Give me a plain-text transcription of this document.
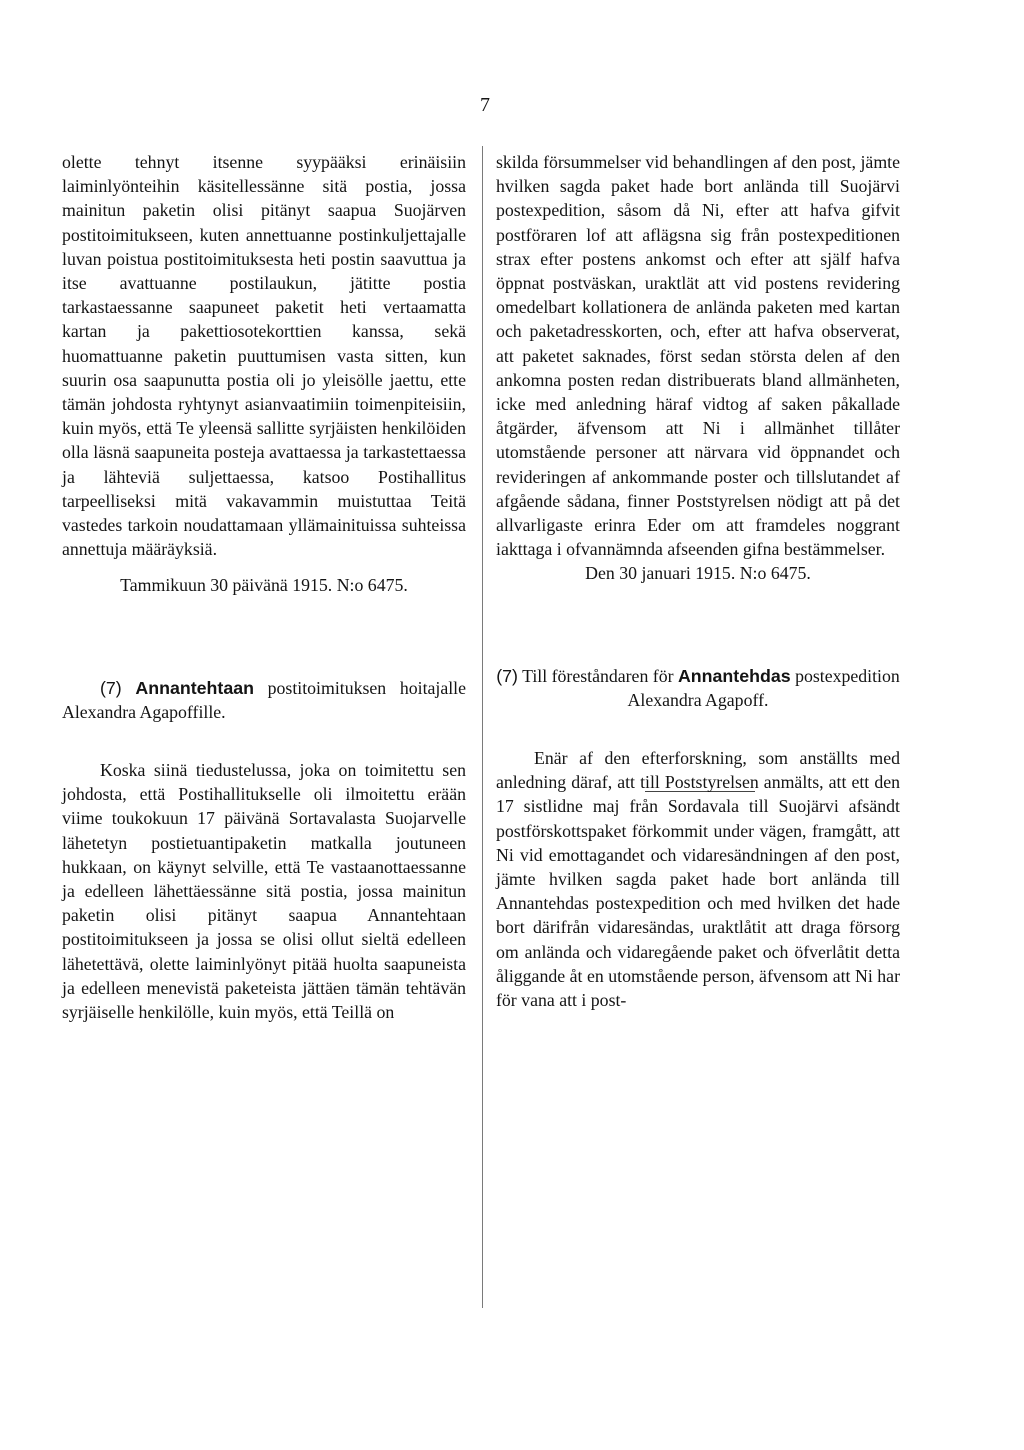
7

olette tehnyt itsenne syypääksi erinäisiin laiminlyönteihin käsitellessänne sitä postia, jossa mainitun paketin olisi pitänyt saapua Suojärven postitoimitukseen, kuten annettuanne postinkuljettajalle luvan poistua postitoimituksesta heti postin saavuttua ja itse avattuanne postilaukun, jätitte postia tarkastaessanne saapuneet paketit heti vertaamatta kartan ja pakettiosotekorttien kanssa, sekä huomattuanne paketin puuttumisen vasta sitten, kun suurin osa saapunutta postia oli jo yleisölle jaettu, ette tämän johdosta ryhtynyt asianvaatimiin toimenpiteisiin, kuin myös, että Te yleensä sallitte syrjäisten henkilöiden olla läsnä saapuneita posteja avattaessa ja tarkastettaessa ja lähteviä suljettaessa, katsoo Postihallitus tarpeelliseksi mitä vakavammin muistuttaa Teitä vastedes tarkoin noudattamaan yllämainituissa suhteissa annettuja määräyksiä.

Tammikuun 30 päivänä 1915. N:o 6475.

(7) Annantehtaan postitoimituksen hoitajalle Alexandra Agapoffille.

Koska siinä tiedustelussa, joka on toimitettu sen johdosta, että Postihallitukselle oli ilmoitettu erään viime toukokuun 17 päivänä Sortavalasta Suojarvelle lähetetyn postietuantipaketin matkalla joutuneen hukkaan, on käynyt selville, että Te vastaanottaessanne ja edelleen lähettäessänne sitä postia, jossa mainitun paketin olisi pitänyt saapua Annantehtaan postitoimitukseen ja jossa se olisi ollut sieltä edelleen lähetettävä, olette laiminlyönyt pitää huolta saapuneista ja edelleen menevistä paketeista jättäen tämän tehtävän syrjäiselle henkilölle, kuin myös, että Teillä on

skilda försummelser vid behandlingen af den post, jämte hvilken sagda paket hade bort anlända till Suojärvi postexpedition, såsom då Ni, efter att hafva gifvit postföraren lof att aflägsna sig från postexpeditionen strax efter postens ankomst och efter att själf hafva öppnat postväskan, uraktlät att vid postens revidering omedelbart kollationera de anlända paketen med kartan och paketadresskorten, och, efter att hafva observerat, att paketet saknades, först sedan största delen af den ankomna posten redan distribuerats bland allmänheten, icke med anledning häraf vidtog af saken påkallade åtgärder, äfvensom att Ni i allmänhet tillåter utomstående personer att närvara vid öppnandet och revideringen af ankommande poster och tillslutandet af afgående sådana, finner Poststyrelsen nödigt att på det allvarligaste erinra Eder om att framdeles noggrant iakttaga i ofvannämnda afseenden gifna bestämmelser.

Den 30 januari 1915. N:o 6475.

(7) Till föreståndaren för Annantehdas postexpedition Alexandra Agapoff.

Enär af den efterforskning, som anställts med anledning däraf, att till Poststyrelsen anmälts, att ett den 17 sistlidne maj från Sordavala till Suojärvi afsändt postförskottspaket förkommit under vägen, framgått, att Ni vid emottagandet och vidaresändningen af den post, jämte hvilken sagda paket hade bort anlända till Annantehdas postexpedition och med hvilken det hade bort därifrån vidaresändas, uraktlåtit att draga försorg om anlända och vidaregående paket och öfverlåtit detta åliggande åt en utomstående person, äfvensom att Ni har för vana att i post-
